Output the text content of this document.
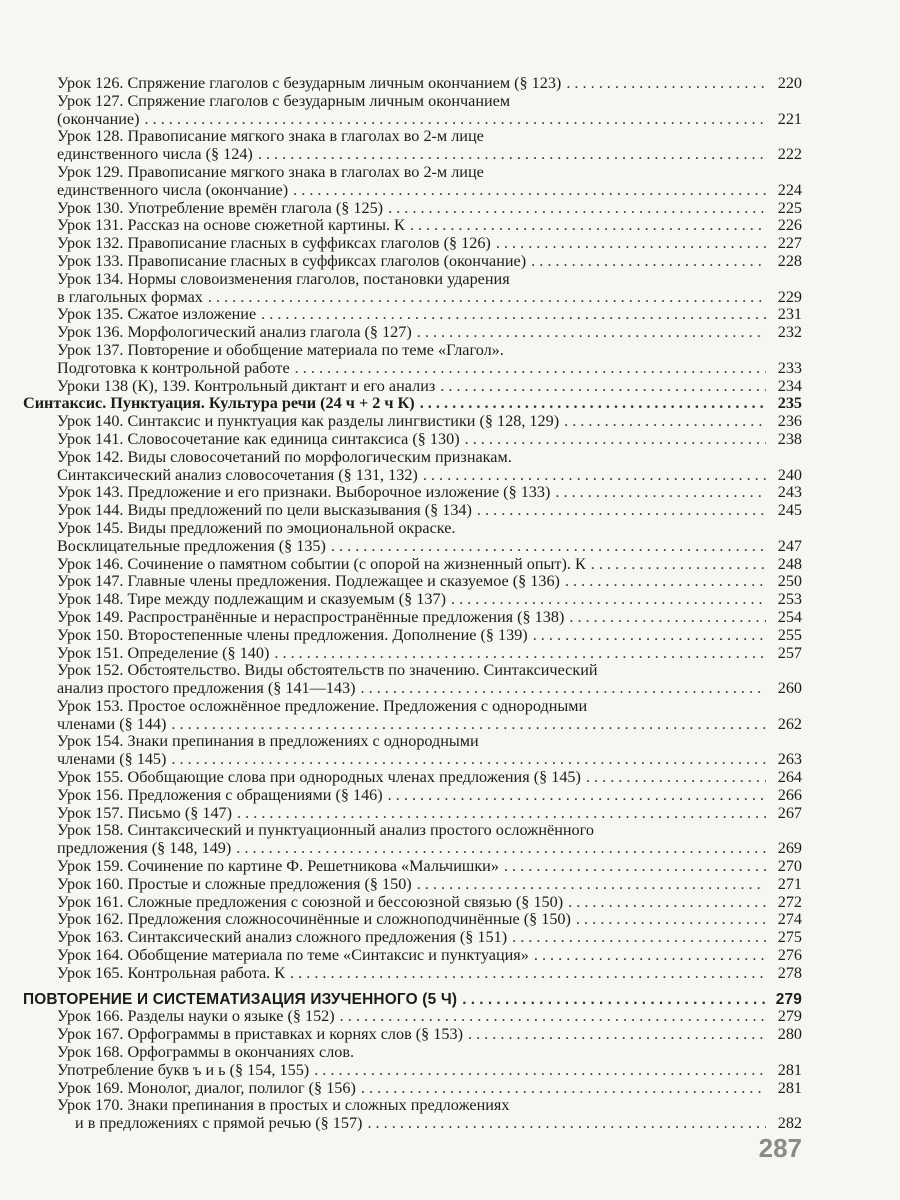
Урок 126. Спряжение глаголов с безударным личным окончанием (§ 123) . . .	220
Урок 127. Спряжение глаголов с безударным личным окончанием
(окончание) . . .	221
Урок 128. Правописание мягкого знака в глаголах во 2-м лице
единственного числа (§ 124) . . .	222
Урок 129. Правописание мягкого знака в глаголах во 2-м лице
единственного числа (окончание) . . .	224
Урок 130. Употребление времён глагола (§ 125) . . .	225
Урок 131. Рассказ на основе сюжетной картины. К . . .	226
Урок 132. Правописание гласных в суффиксах глаголов (§ 126) . . .	227
Урок 133. Правописание гласных в суффиксах глаголов (окончание) . . .	228
Урок 134. Нормы словоизменения глаголов, постановки ударения
в глагольных формах . . .	229
Урок 135. Сжатое изложение . . .	231
Урок 136. Морфологический анализ глагола (§ 127) . . .	232
Урок 137. Повторение и обобщение материала по теме «Глагол».
Подготовка к контрольной работе . . .	233
Уроки 138 (К), 139. Контрольный диктант и его анализ . . .	234
Синтаксис. Пунктуация. Культура речи (24 ч + 2 ч К) . . .	235
Урок 140. Синтаксис и пунктуация как разделы лингвистики (§ 128, 129) . . .	236
Урок 141. Словосочетание как единица синтаксиса (§ 130) . . .	238
Урок 142. Виды словосочетаний по морфологическим признакам.
Синтаксический анализ словосочетания (§ 131, 132) . . .	240
Урок 143. Предложение и его признаки. Выборочное изложение (§ 133) . . .	243
Урок 144. Виды предложений по цели высказывания (§ 134) . . .	245
Урок 145. Виды предложений по эмоциональной окраске.
Восклицательные предложения (§ 135) . . .	247
Урок 146. Сочинение о памятном событии (с опорой на жизненный опыт). К . . .	248
Урок 147. Главные члены предложения. Подлежащее и сказуемое (§ 136) . . .	250
Урок 148. Тире между подлежащим и сказуемым (§ 137) . . .	253
Урок 149. Распространённые и нераспространённые предложения (§ 138) . . .	254
Урок 150. Второстепенные члены предложения. Дополнение (§ 139) . . .	255
Урок 151. Определение (§ 140) . . .	257
Урок 152. Обстоятельство. Виды обстоятельств по значению. Синтаксический
анализ простого предложения (§ 141—143) . . .	260
Урок 153. Простое осложнённое предложение. Предложения с однородными
членами (§ 144) . . .	262
Урок 154. Знаки препинания в предложениях с однородными
членами (§ 145) . . .	263
Урок 155. Обобщающие слова при однородных членах предложения (§ 145) . . .	264
Урок 156. Предложения с обращениями (§ 146) . . .	266
Урок 157. Письмо (§ 147) . . .	267
Урок 158. Синтаксический и пунктуационный анализ простого осложнённого
предложения (§ 148, 149) . . .	269
Урок 159. Сочинение по картине Ф. Решетникова «Мальчишки» . . .	270
Урок 160. Простые и сложные предложения (§ 150) . . .	271
Урок 161. Сложные предложения с союзной и бессоюзной связью (§ 150) . . .	272
Урок 162. Предложения сложносочинённые и сложноподчинённые (§ 150) . . .	274
Урок 163. Синтаксический анализ сложного предложения (§ 151) . . .	275
Урок 164. Обобщение материала по теме «Синтаксис и пунктуация» . . .	276
Урок 165. Контрольная работа. К . . .	278
ПОВТОРЕНИЕ И СИСТЕМАТИЗАЦИЯ ИЗУЧЕННОГО (5 Ч) . . .	279
Урок 166. Разделы науки о языке (§ 152) . . .	279
Урок 167. Орфограммы в приставках и корнях слов (§ 153) . . .	280
Урок 168. Орфограммы в окончаниях слов.
Употребление букв ъ и ь (§ 154, 155) . . .	281
Урок 169. Монолог, диалог, полилог (§ 156) . . .	281
Урок 170. Знаки препинания в простых и сложных предложениях
и в предложениях с прямой речью (§ 157) . . .	282
287
